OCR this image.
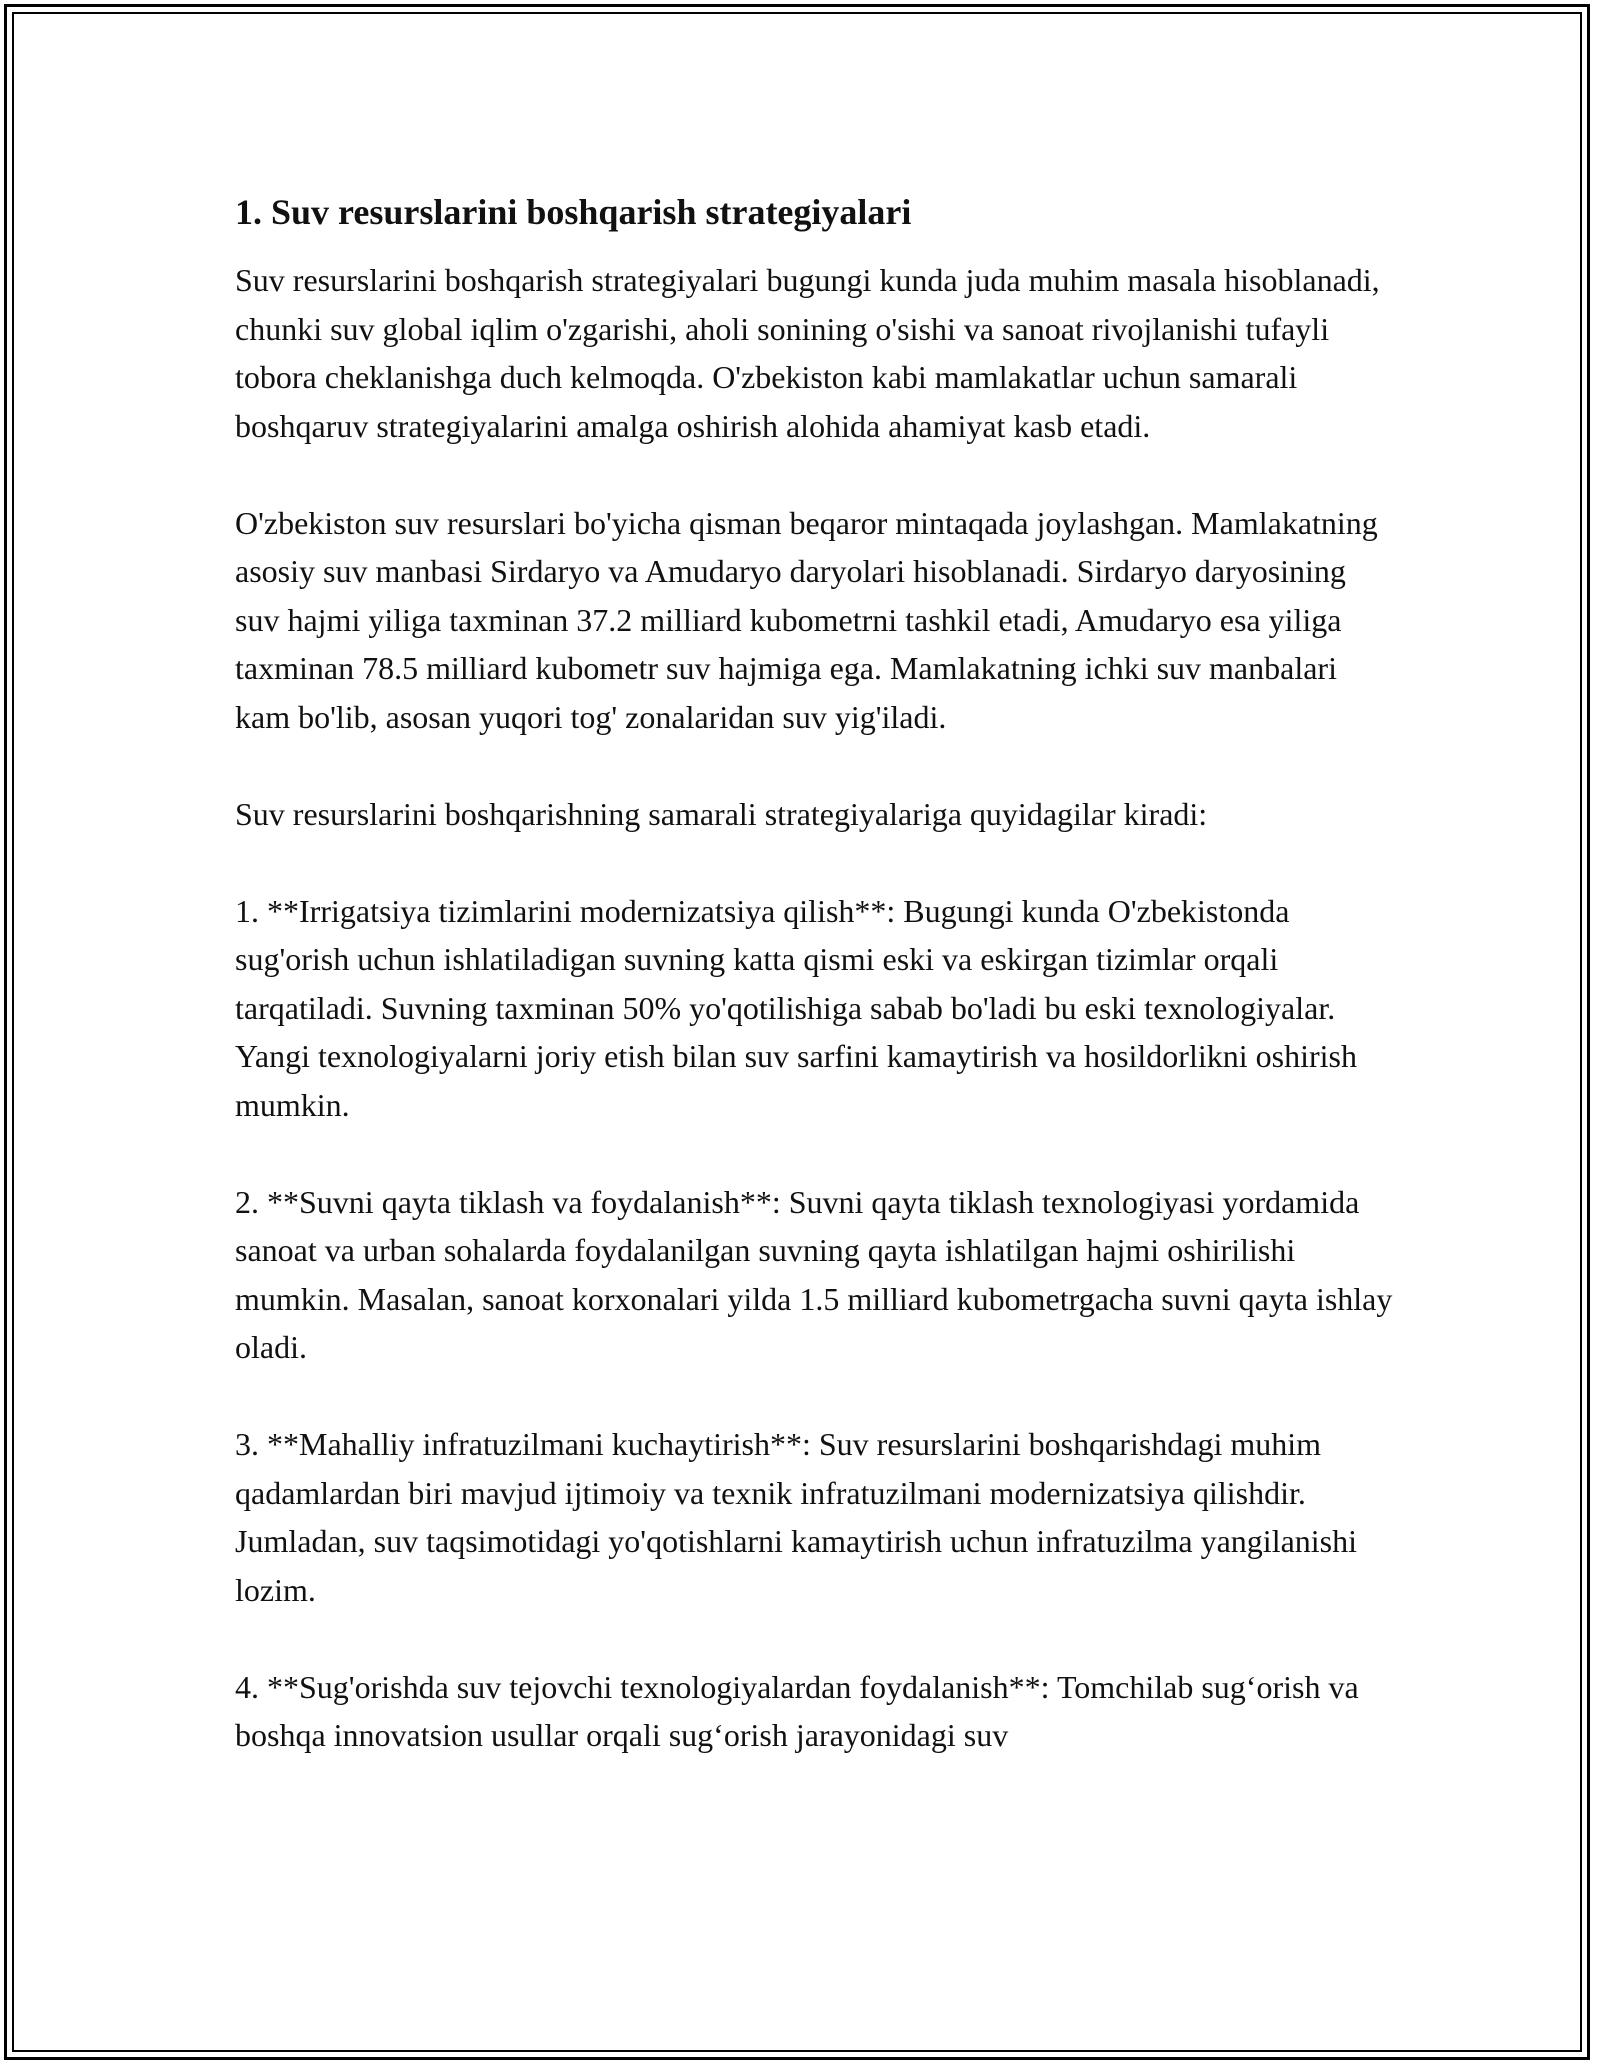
1. Suv resurslarini boshqarish strategiyalari

Suv resurslarini boshqarish strategiyalari bugungi kunda juda muhim masala hisoblanadi, chunki suv global iqlim o'zgarishi, aholi sonining o'sishi va sanoat rivojlanishi tufayli tobora cheklanishga duch kelmoqda. O'zbekiston kabi mamlakatlar uchun samarali boshqaruv strategiyalarini amalga oshirish alohida ahamiyat kasb etadi.

O'zbekiston suv resurslari bo'yicha qisman beqaror mintaqada joylashgan. Mamlakatning asosiy suv manbasi Sirdaryo va Amudaryo daryolari hisoblanadi. Sirdaryo daryosining suv hajmi yiliga taxminan 37.2 milliard kubometrni tashkil etadi, Amudaryo esa yiliga taxminan 78.5 milliard kubometr suv hajmiga ega. Mamlakatning ichki suv manbalari kam bo'lib, asosan yuqori tog' zonalaridan suv yig'iladi.

Suv resurslarini boshqarishning samarali strategiyalariga quyidagilar kiradi:

1. **Irrigatsiya tizimlarini modernizatsiya qilish**: Bugungi kunda O'zbekistonda sug'orish uchun ishlatiladigan suvning katta qismi eski va eskirgan tizimlar orqali tarqatiladi. Suvning taxminan 50% yo'qotilishiga sabab bo'ladi bu eski texnologiyalar. Yangi texnologiyalarni joriy etish bilan suv sarfini kamaytirish va hosildorlikni oshirish mumkin.

2. **Suvni qayta tiklash va foydalanish**: Suvni qayta tiklash texnologiyasi yordamida sanoat va urban sohalarda foydalanilgan suvning qayta ishlatilgan hajmi oshirilishi mumkin. Masalan, sanoat korxonalari yilda 1.5 milliard kubometrgacha suvni qayta ishlay oladi.

3. **Mahalliy infratuzilmani kuchaytirish**: Suv resurslarini boshqarishdagi muhim qadamlardan biri mavjud ijtimoiy va texnik infratuzilmani modernizatsiya qilishdir. Jumladan, suv taqsimotidagi yo'qotishlarni kamaytirish uchun infratuzilma yangilanishi lozim.

4. **Sug'orishda suv tejovchi texnologiyalardan foydalanish**: Tomchilab sug‘orish va boshqa innovatsion usullar orqali sug‘orish jarayonidagi suv
